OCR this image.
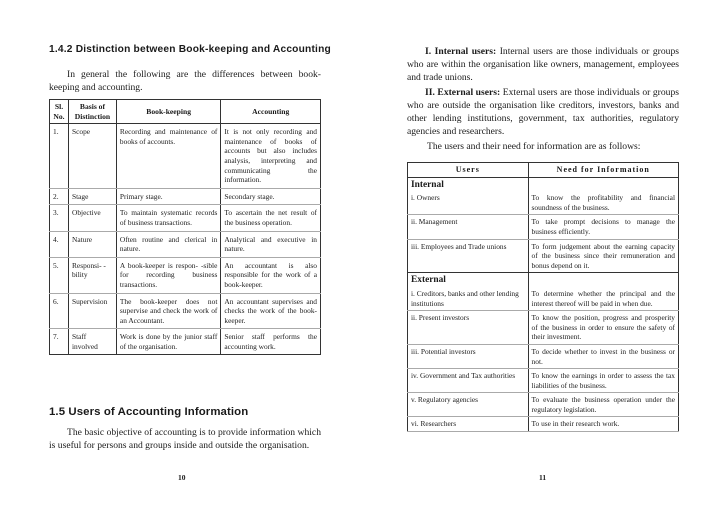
1.4.2 Distinction between Book-keeping and Accounting

In general the following are the differences between book-keeping and accounting.

Sl. No.	Basis of Distinction	Book-keeping	Accounting
1.	Scope	Recording and maintenance of books of accounts.	It is not only recording and maintenance of books of accounts but also includes analysis, interpreting and communicating the information.
2.	Stage	Primary stage.	Secondary stage.
3.	Objective	To maintain systematic records of business transactions.	To ascertain the net result of the business operation.
4.	Nature	Often routine and clerical in nature.	Analytical and executive in nature.
5.	Responsi- -bility	A book-keeper is respon- -sible for recording business transactions.	An accountant is also responsible for the work of a book-keeper.
6.	Supervision	The book-keeper does not supervise and check the work of an Accountant.	An accountant supervises and checks the work of the book-keeper.
7.	Staff involved	Work is done by the junior staff of the organisation.	Senior staff performs the accounting work.
1.5 Users of Accounting Information

The basic objective of accounting is to provide information which is useful for persons and groups inside and outside the organisation.

10
I. Internal users: Internal users are those individuals or groups who are within the organisation like owners, management, employees and trade unions.
II. External users: External users are those individuals or groups who are outside the organisation like creditors, investors, banks and other lending institutions, government, tax authorities, regulatory agencies and researchers.

The users and their need for information are as follows:

Users	Need for Information
Internal	
i. Owners	To know the profitability and financial soundness of the business.
ii. Management	To take prompt decisions to manage the business efficiently.
iii. Employees and Trade unions	To form judgement about the earning capacity of the business since their remuneration and bonus depend on it.
External	
i. Creditors, banks and other lending institutions	To determine whether the principal and the interest thereof will be paid in when due.
ii. Present investors	To know the position, progress and prosperity of the business in order to ensure the safety of their investment.
iii. Potential investors	To decide whether to invest in the business or not.
iv. Government and Tax authorities	To know the earnings in order to assess the tax liabilities of the business.
v. Regulatory agencies	To evaluate the business operation under the regulatory legislation.
vi. Researchers	To use in their research work.
11
